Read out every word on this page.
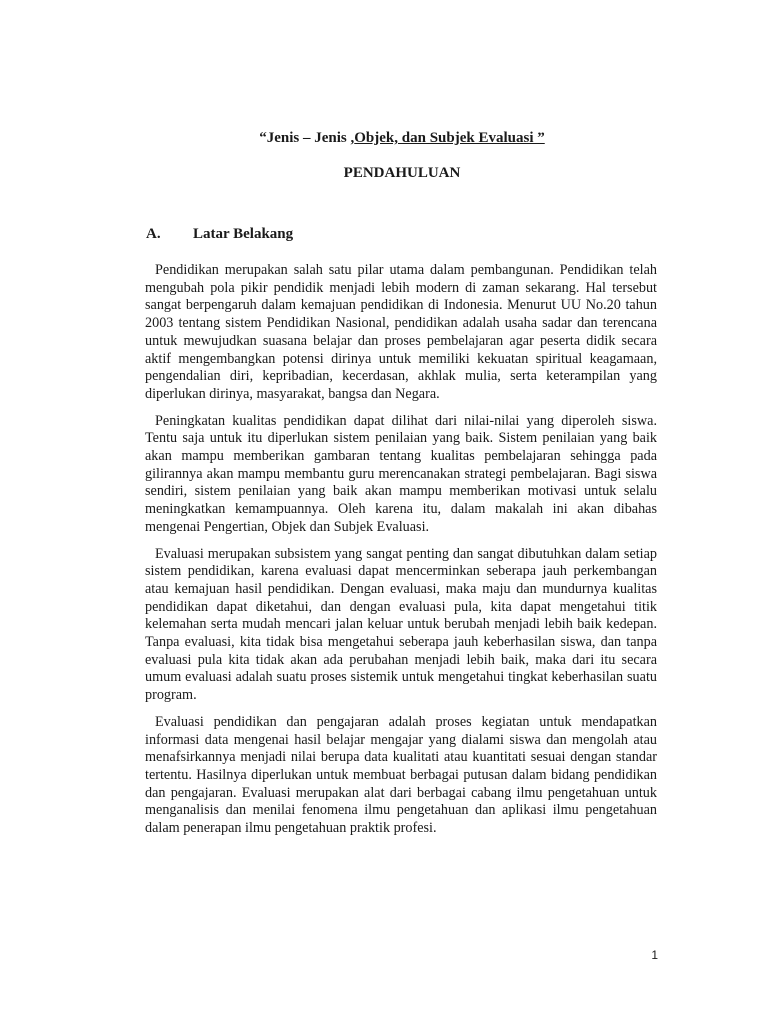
“Jenis – Jenis ,Objek, dan Subjek Evaluasi ”
PENDAHULUAN
A. Latar Belakang

Pendidikan merupakan salah satu pilar utama dalam pembangunan. Pendidikan telah mengubah pola pikir pendidik menjadi lebih modern di zaman sekarang. Hal tersebut sangat berpengaruh dalam kemajuan pendidikan di Indonesia. Menurut UU No.20 tahun 2003 tentang sistem Pendidikan Nasional, pendidikan adalah usaha sadar dan terencana untuk mewujudkan suasana belajar dan proses pembelajaran agar peserta didik secara aktif mengembangkan potensi dirinya untuk memiliki kekuatan spiritual keagamaan, pengendalian diri, kepribadian, kecerdasan, akhlak mulia, serta keterampilan yang diperlukan dirinya, masyarakat, bangsa dan Negara.

Peningkatan kualitas pendidikan dapat dilihat dari nilai-nilai yang diperoleh siswa. Tentu saja untuk itu diperlukan sistem penilaian yang baik. Sistem penilaian yang baik akan mampu memberikan gambaran tentang kualitas pembelajaran sehingga pada gilirannya akan mampu membantu guru merencanakan strategi pembelajaran. Bagi siswa sendiri, sistem penilaian yang baik akan mampu memberikan motivasi untuk selalu meningkatkan kemampuannya. Oleh karena itu, dalam makalah ini akan dibahas mengenai Pengertian, Objek dan Subjek Evaluasi.

Evaluasi merupakan subsistem yang sangat penting dan sangat dibutuhkan dalam setiap sistem pendidikan, karena evaluasi dapat mencerminkan seberapa jauh perkembangan atau kemajuan hasil pendidikan. Dengan evaluasi, maka maju dan mundurnya kualitas pendidikan dapat diketahui, dan dengan evaluasi pula, kita dapat mengetahui titik kelemahan serta mudah mencari jalan keluar untuk berubah menjadi lebih baik kedepan. Tanpa evaluasi, kita tidak bisa mengetahui seberapa jauh keberhasilan siswa, dan tanpa evaluasi pula kita tidak akan ada perubahan menjadi lebih baik, maka dari itu secara umum evaluasi adalah suatu proses sistemik untuk mengetahui tingkat keberhasilan suatu program.

Evaluasi pendidikan dan pengajaran adalah proses kegiatan untuk mendapatkan informasi data mengenai hasil belajar mengajar yang dialami siswa dan mengolah atau menafsirkannya menjadi nilai berupa data kualitati atau kuantitati sesuai dengan standar tertentu. Hasilnya diperlukan untuk membuat berbagai putusan dalam bidang pendidikan dan pengajaran. Evaluasi merupakan alat dari berbagai cabang ilmu pengetahuan untuk menganalisis dan menilai fenomena ilmu pengetahuan dan aplikasi ilmu pengetahuan dalam penerapan ilmu pengetahuan praktik profesi.

1
